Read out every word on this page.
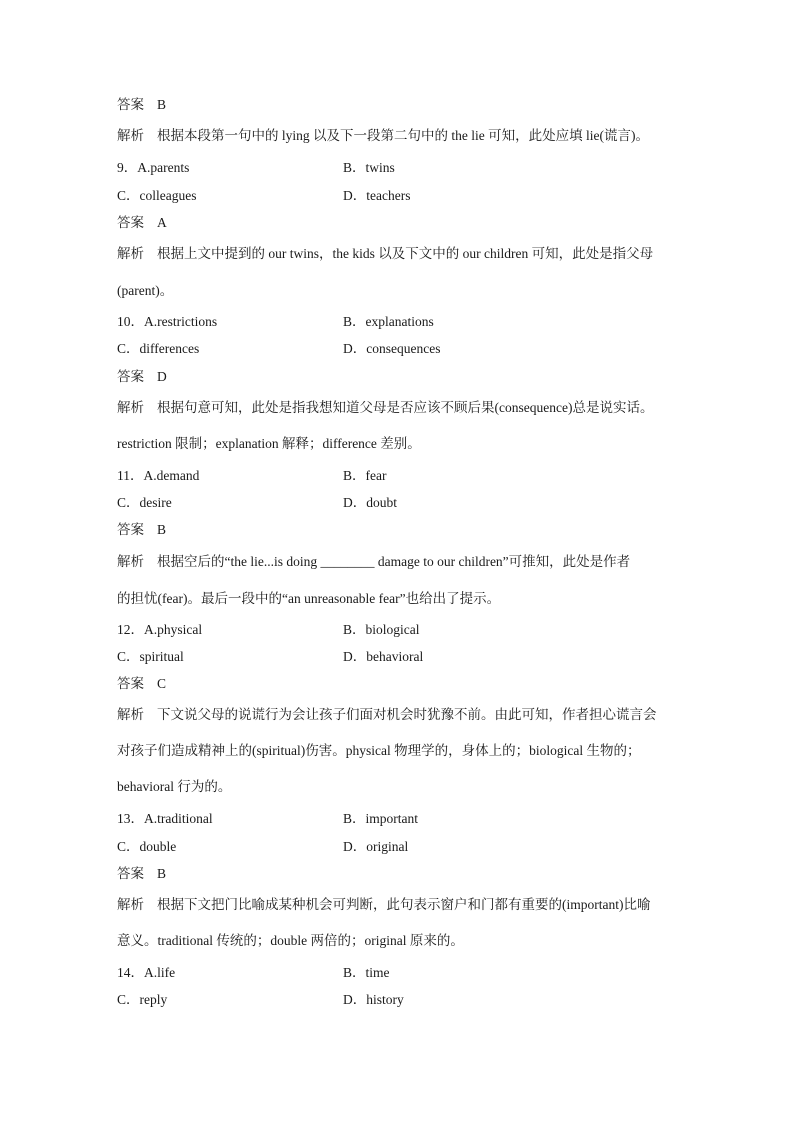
答案 B
解析 根据本段第一句中的 lying 以及下一段第二句中的 the lie 可知，此处应填 lie(谎言)。
9．A.parents	B．twins
C．colleagues	D．teachers
答案 A
解析 根据上文中提到的 our twins，the kids 以及下文中的 our children 可知，此处是指父母
(parent)。
10．A.restrictions	B．explanations
C．differences	D．consequences
答案 D
解析 根据句意可知，此处是指我想知道父母是否应该不顾后果(consequence)总是说实话。
restriction 限制；explanation 解释；difference 差别。
11．A.demand	B．fear
C．desire	D．doubt
答案 B
解析 根据空后的“the lie...is doing ________ damage to our children”可推知，此处是作者
的担忧(fear)。最后一段中的“an unreasonable fear”也给出了提示。
12．A.physical	B．biological
C．spiritual	D．behavioral
答案 C
解析 下文说父母的说谎行为会让孩子们面对机会时犹豫不前。由此可知，作者担心谎言会
对孩子们造成精神上的(spiritual)伤害。physical 物理学的，身体上的；biological 生物的；
behavioral 行为的。
13．A.traditional	B．important
C．double	D．original
答案 B
解析 根据下文把门比喻成某种机会可判断，此句表示窗户和门都有重要的(important)比喻
意义。traditional 传统的；double 两倍的；original 原来的。
14．A.life	B．time
C．reply	D．history
